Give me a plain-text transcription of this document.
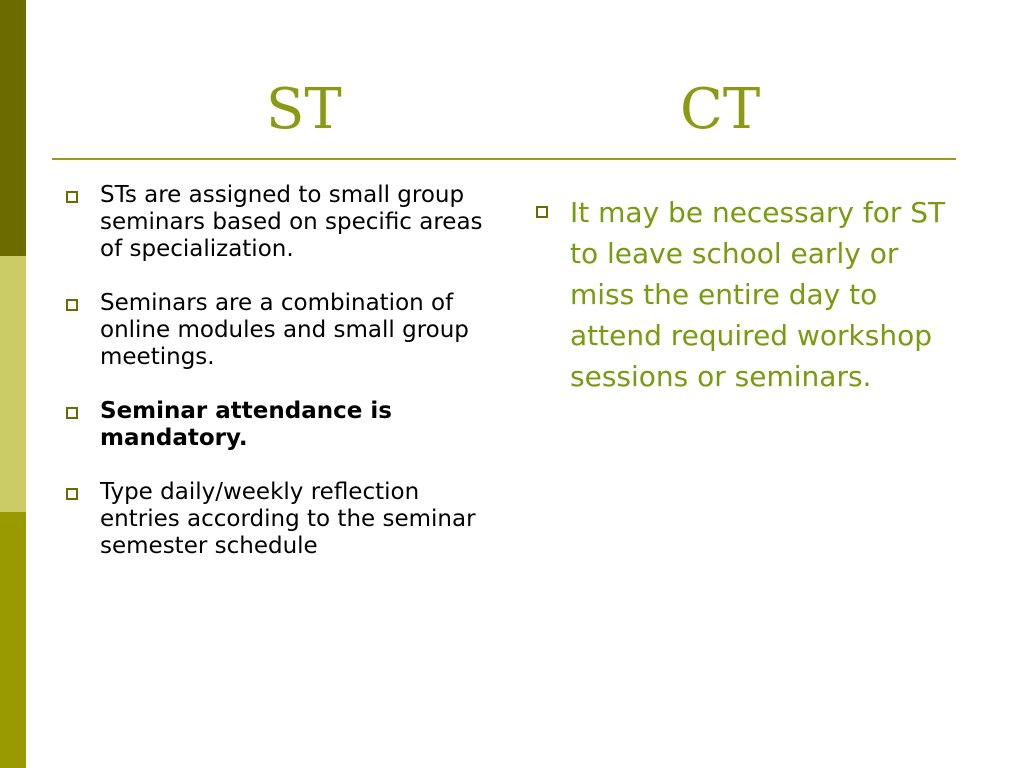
ST	CT
STs are assigned to small group seminars based on specific areas of specialization.
Seminars are a combination of online modules and small group meetings.
Seminar attendance is mandatory.
Type daily/weekly reflection entries according to the seminar semester schedule
It may be necessary for ST to leave school early or miss the entire day to attend required workshop sessions or seminars.
